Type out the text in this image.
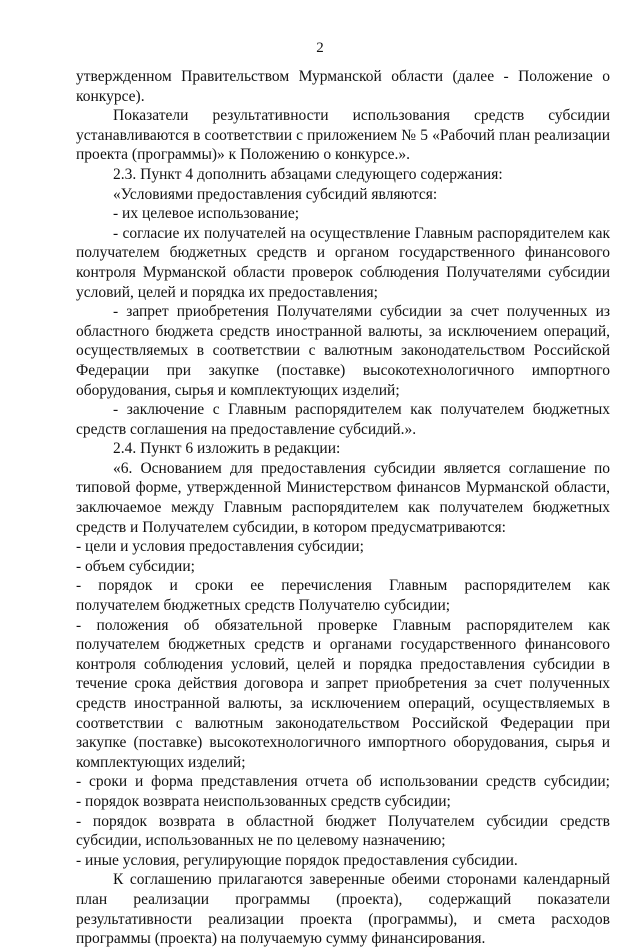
2
утвержденном Правительством Мурманской области (далее - Положение о
конкурсе).
Показатели результативности использования средств субсидии
устанавливаются в соответствии с приложением № 5 «Рабочий план реализации
проекта (программы)» к Положению о конкурсе.».
2.3. Пункт 4 дополнить абзацами следующего содержания:
«Условиями предоставления субсидий являются:
- их целевое использование;
- согласие их получателей на осуществление Главным распорядителем как
получателем бюджетных средств и органом государственного финансового
контроля Мурманской области проверок соблюдения Получателями субсидии
условий, целей и порядка их предоставления;
- запрет приобретения Получателями субсидии за счет полученных из
областного бюджета средств иностранной валюты, за исключением операций,
осуществляемых в соответствии с валютным законодательством Российской
Федерации при закупке (поставке) высокотехнологичного импортного
оборудования, сырья и комплектующих изделий;
- заключение с Главным распорядителем как получателем бюджетных
средств соглашения на предоставление субсидий.».
2.4. Пункт 6 изложить в редакции:
«6. Основанием для предоставления субсидии является соглашение по
типовой форме, утвержденной Министерством финансов Мурманской области,
заключаемое между Главным распорядителем как получателем бюджетных
средств и Получателем субсидии, в котором предусматриваются:
- цели и условия предоставления субсидии;
- объем субсидии;
- порядок и сроки ее перечисления Главным распорядителем как
получателем бюджетных средств Получателю субсидии;
- положения об обязательной проверке Главным распорядителем как
получателем бюджетных средств и органами государственного финансового
контроля соблюдения условий, целей и порядка предоставления субсидии в
течение срока действия договора и запрет приобретения за счет полученных
средств иностранной валюты, за исключением операций, осуществляемых в
соответствии с валютным законодательством Российской Федерации при
закупке (поставке) высокотехнологичного импортного оборудования, сырья и
комплектующих изделий;
- сроки и форма представления отчета об использовании средств субсидии;
- порядок возврата неиспользованных средств субсидии;
- порядок возврата в областной бюджет Получателем субсидии средств
субсидии, использованных не по целевому назначению;
- иные условия, регулирующие порядок предоставления субсидии.
К соглашению прилагаются заверенные обеими сторонами календарный
план реализации программы (проекта), содержащий показатели
результативности реализации проекта (программы), и смета расходов
программы (проекта) на получаемую сумму финансирования.
